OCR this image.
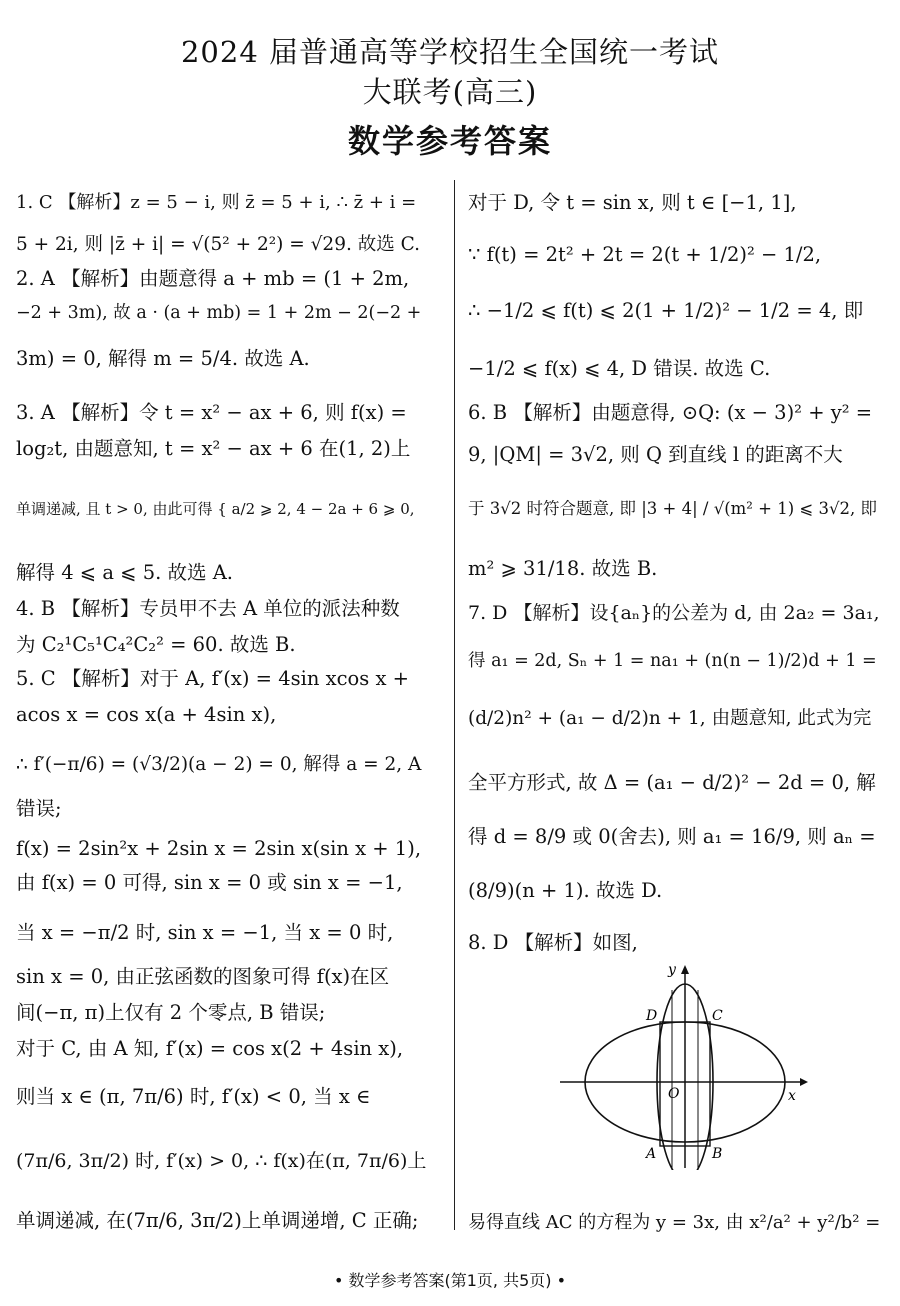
2024 届普通高等学校招生全国统一考试
大联考(高三)
数学参考答案
1. C 【解析】z = 5 − i, 则 z̄ = 5 + i, ∴ z̄ + i =
5 + 2i, 则 |z̄ + i| = √(5² + 2²) = √29. 故选 C.
2. A 【解析】由题意得 a + mb = (1 + 2m,
−2 + 3m), 故 a · (a + mb) = 1 + 2m − 2(−2 +
3m) = 0, 解得 m = 5/4. 故选 A.
3. A 【解析】令 t = x² − ax + 6, 则 f(x) =
log₂t, 由题意知, t = x² − ax + 6 在(1, 2)上
单调递减, 且 t > 0, 由此可得 { a/2 ⩾ 2, 4 − 2a + 6 ⩾ 0,
解得 4 ⩽ a ⩽ 5. 故选 A.
4. B 【解析】专员甲不去 A 单位的派法种数
为 C₂¹C₅¹C₄²C₂² = 60. 故选 B.
5. C 【解析】对于 A, f′(x) = 4sin xcos x +
acos x = cos x(a + 4sin x),
∴ f′(−π/6) = (√3/2)(a − 2) = 0, 解得 a = 2, A
错误;
f(x) = 2sin²x + 2sin x = 2sin x(sin x + 1),
由 f(x) = 0 可得, sin x = 0 或 sin x = −1,
当 x = −π/2 时, sin x = −1, 当 x = 0 时,
sin x = 0, 由正弦函数的图象可得 f(x)在区
间(−π, π)上仅有 2 个零点, B 错误;
对于 C, 由 A 知, f′(x) = cos x(2 + 4sin x),
则当 x ∈ (π, 7π/6) 时, f′(x) < 0, 当 x ∈
(7π/6, 3π/2) 时, f′(x) > 0, ∴ f(x)在(π, 7π/6)上
单调递减, 在(7π/6, 3π/2)上单调递增, C 正确;
对于 D, 令 t = sin x, 则 t ∈ [−1, 1],
∵ f(t) = 2t² + 2t = 2(t + 1/2)² − 1/2,
∴ −1/2 ⩽ f(t) ⩽ 2(1 + 1/2)² − 1/2 = 4, 即
−1/2 ⩽ f(x) ⩽ 4, D 错误. 故选 C.
6. B 【解析】由题意得, ⊙Q: (x − 3)² + y² =
9, |QM| = 3√2, 则 Q 到直线 l 的距离不大
于 3√2 时符合题意, 即 |3 + 4| / √(m² + 1) ⩽ 3√2, 即
m² ⩾ 31/18. 故选 B.
7. D 【解析】设{aₙ}的公差为 d, 由 2a₂ = 3a₁,
得 a₁ = 2d, Sₙ + 1 = na₁ + (n(n − 1)/2)d + 1 =
(d/2)n² + (a₁ − d/2)n + 1, 由题意知, 此式为完
全平方形式, 故 Δ = (a₁ − d/2)² − 2d = 0, 解
得 d = 8/9 或 0(舍去), 则 a₁ = 16/9, 则 aₙ =
(8/9)(n + 1). 故选 D.
8. D 【解析】如图,
易得直线 AC 的方程为 y = 3x, 由 x²/a² + y²/b² =
y
x
O
D	C
A	B
• 数学参考答案(第1页, 共5页) •
